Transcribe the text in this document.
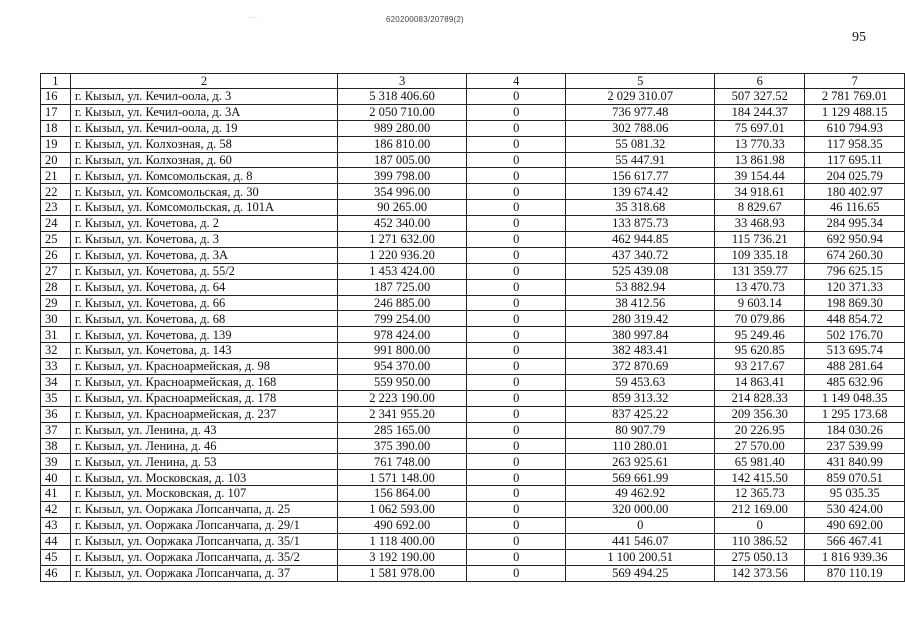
. . . .	620200083/20789(2)
95
1	2	3	4	5	6	7
16	г. Кызыл, ул. Кечил-оола, д. 3	5 318 406.60	0	2 029 310.07	507 327.52	2 781 769.01
17	г. Кызыл, ул. Кечил-оола, д. 3А	2 050 710.00	0	736 977.48	184 244.37	1 129 488.15
18	г. Кызыл, ул. Кечил-оола, д. 19	989 280.00	0	302 788.06	75 697.01	610 794.93
19	г. Кызыл, ул. Колхозная, д. 58	186 810.00	0	55 081.32	13 770.33	117 958.35
20	г. Кызыл, ул. Колхозная, д. 60	187 005.00	0	55 447.91	13 861.98	117 695.11
21	г. Кызыл, ул. Комсомольская, д. 8	399 798.00	0	156 617.77	39 154.44	204 025.79
22	г. Кызыл, ул. Комсомольская, д. 30	354 996.00	0	139 674.42	34 918.61	180 402.97
23	г. Кызыл, ул. Комсомольская, д. 101А	90 265.00	0	35 318.68	8 829.67	46 116.65
24	г. Кызыл, ул. Кочетова, д. 2	452 340.00	0	133 875.73	33 468.93	284 995.34
25	г. Кызыл, ул. Кочетова, д. 3	1 271 632.00	0	462 944.85	115 736.21	692 950.94
26	г. Кызыл, ул. Кочетова, д. 3А	1 220 936.20	0	437 340.72	109 335.18	674 260.30
27	г. Кызыл, ул. Кочетова, д. 55/2	1 453 424.00	0	525 439.08	131 359.77	796 625.15
28	г. Кызыл, ул. Кочетова, д. 64	187 725.00	0	53 882.94	13 470.73	120 371.33
29	г. Кызыл, ул. Кочетова, д. 66	246 885.00	0	38 412.56	9 603.14	198 869.30
30	г. Кызыл, ул. Кочетова, д. 68	799 254.00	0	280 319.42	70 079.86	448 854.72
31	г. Кызыл, ул. Кочетова, д. 139	978 424.00	0	380 997.84	95 249.46	502 176.70
32	г. Кызыл, ул. Кочетова, д. 143	991 800.00	0	382 483.41	95 620.85	513 695.74
33	г. Кызыл, ул. Красноармейская, д. 98	954 370.00	0	372 870.69	93 217.67	488 281.64
34	г. Кызыл, ул. Красноармейская, д. 168	559 950.00	0	59 453.63	14 863.41	485 632.96
35	г. Кызыл, ул. Красноармейская, д. 178	2 223 190.00	0	859 313.32	214 828.33	1 149 048.35
36	г. Кызыл, ул. Красноармейская, д. 237	2 341 955.20	0	837 425.22	209 356.30	1 295 173.68
37	г. Кызыл, ул. Ленина, д. 43	285 165.00	0	80 907.79	20 226.95	184 030.26
38	г. Кызыл, ул. Ленина, д. 46	375 390.00	0	110 280.01	27 570.00	237 539.99
39	г. Кызыл, ул. Ленина, д. 53	761 748.00	0	263 925.61	65 981.40	431 840.99
40	г. Кызыл, ул. Московская, д. 103	1 571 148.00	0	569 661.99	142 415.50	859 070.51
41	г. Кызыл, ул. Московская, д. 107	156 864.00	0	49 462.92	12 365.73	95 035.35
42	г. Кызыл, ул. Ооржака Лопсанчапа, д. 25	1 062 593.00	0	320 000.00	212 169.00	530 424.00
43	г. Кызыл, ул. Ооржака Лопсанчапа, д. 29/1	490 692.00	0	0	0	490 692.00
44	г. Кызыл, ул. Ооржака Лопсанчапа, д. 35/1	1 118 400.00	0	441 546.07	110 386.52	566 467.41
45	г. Кызыл, ул. Ооржака Лопсанчапа, д. 35/2	3 192 190.00	0	1 100 200.51	275 050.13	1 816 939.36
46	г. Кызыл, ул. Ооржака Лопсанчапа, д. 37	1 581 978.00	0	569 494.25	142 373.56	870 110.19
